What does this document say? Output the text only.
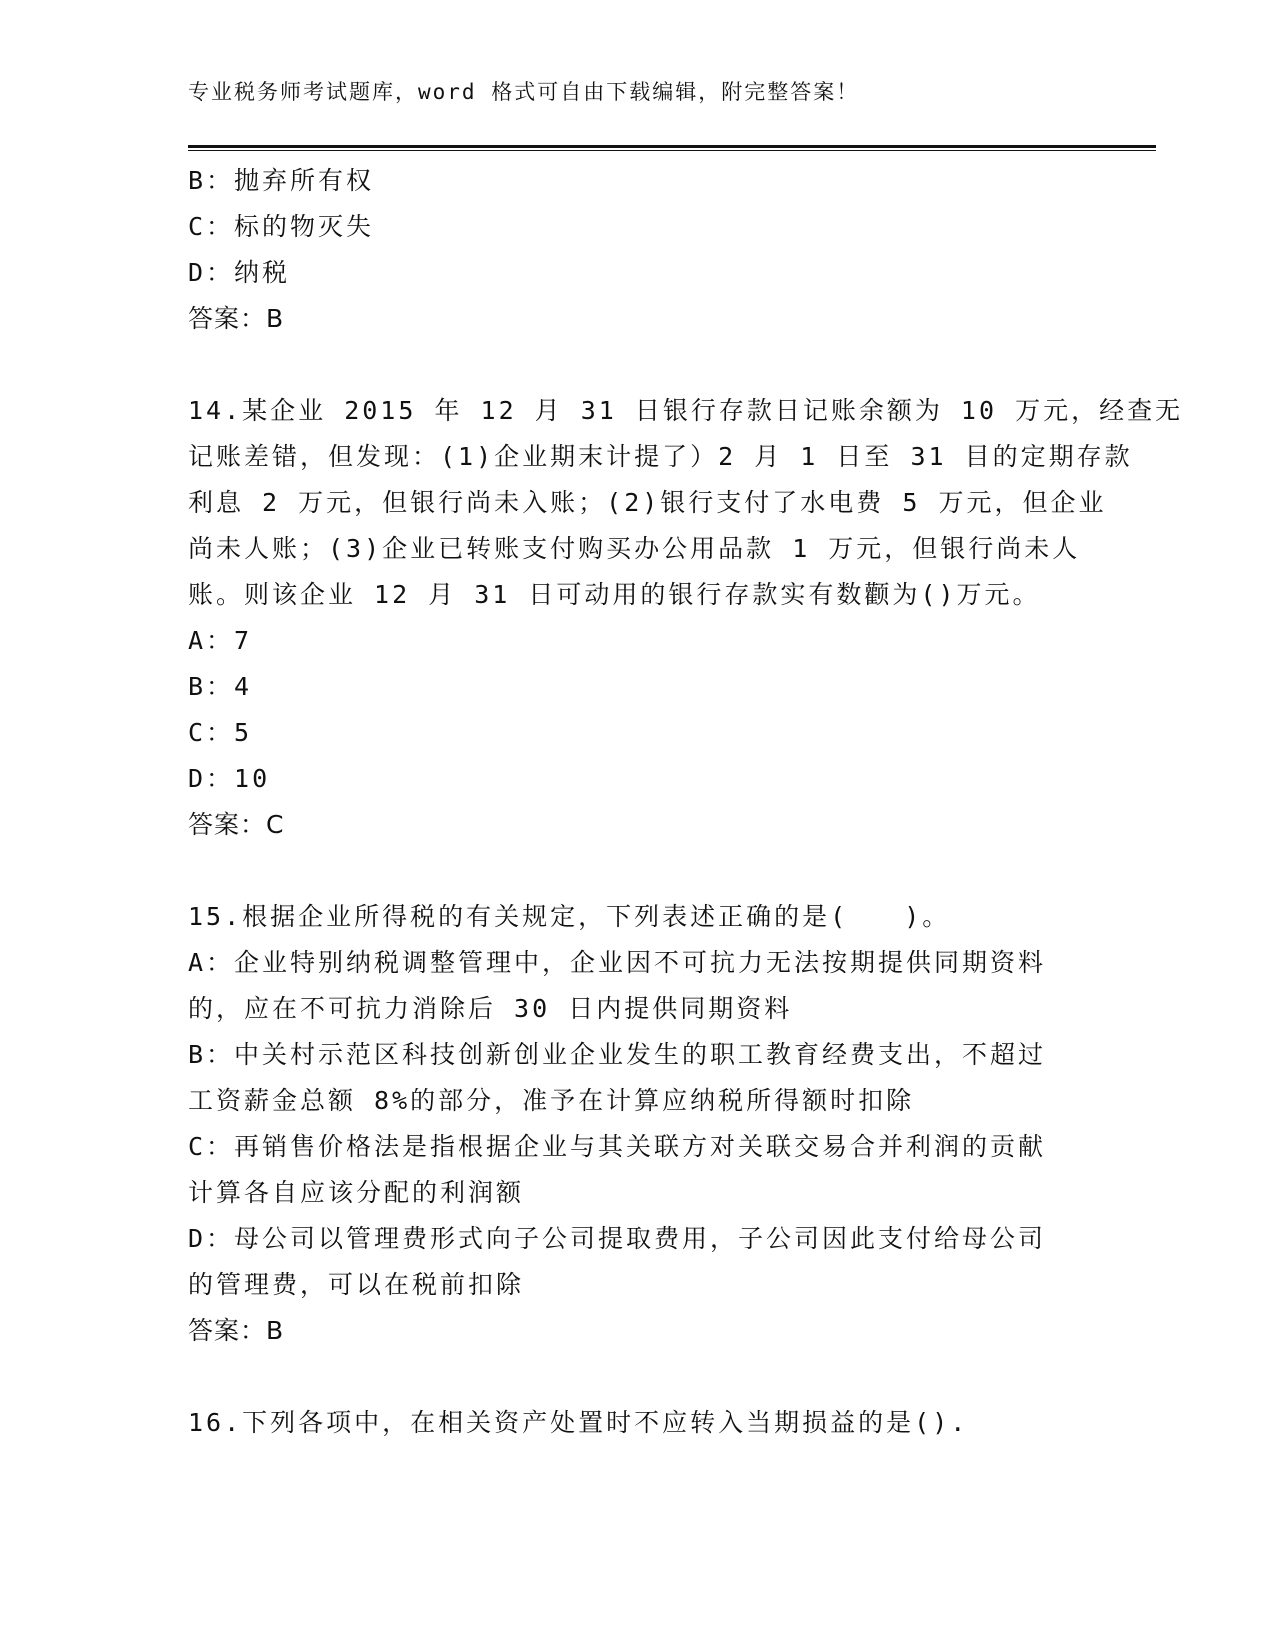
专业税务师考试题库，word 格式可自由下载编辑，附完整答案！
B：抛弃所有权
C：标的物灭失
D：纳税
答案：B
14.某企业 2015 年 12 月 31 日银行存款日记账余额为 10 万元，经查无
记账差错，但发现：(1)企业期末计提了）2 月 1 日至 31 目的定期存款
利息 2 万元，但银行尚未入账；(2)银行支付了水电费 5 万元，但企业
尚未人账；(3)企业已转账支付购买办公用品款 1 万元，但银行尚未人
账。则该企业 12 月 31 日可动用的银行存款实有数颧为()万元。
A：7
B：4
C：5
D：10
答案：C
15.根据企业所得税的有关规定，下列表述正确的是(　　)。
A：企业特别纳税调整管理中，企业因不可抗力无法按期提供同期资料
的，应在不可抗力消除后 30 日内提供同期资料
B：中关村示范区科技创新创业企业发生的职工教育经费支出，不超过
工资薪金总额 8%的部分，准予在计算应纳税所得额时扣除
C：再销售价格法是指根据企业与其关联方对关联交易合并利润的贡献
计算各自应该分配的利润额
D：母公司以管理费形式向子公司提取费用，子公司因此支付给母公司
的管理费，可以在税前扣除
答案：B
16.下列各项中，在相关资产处置时不应转入当期损益的是().
